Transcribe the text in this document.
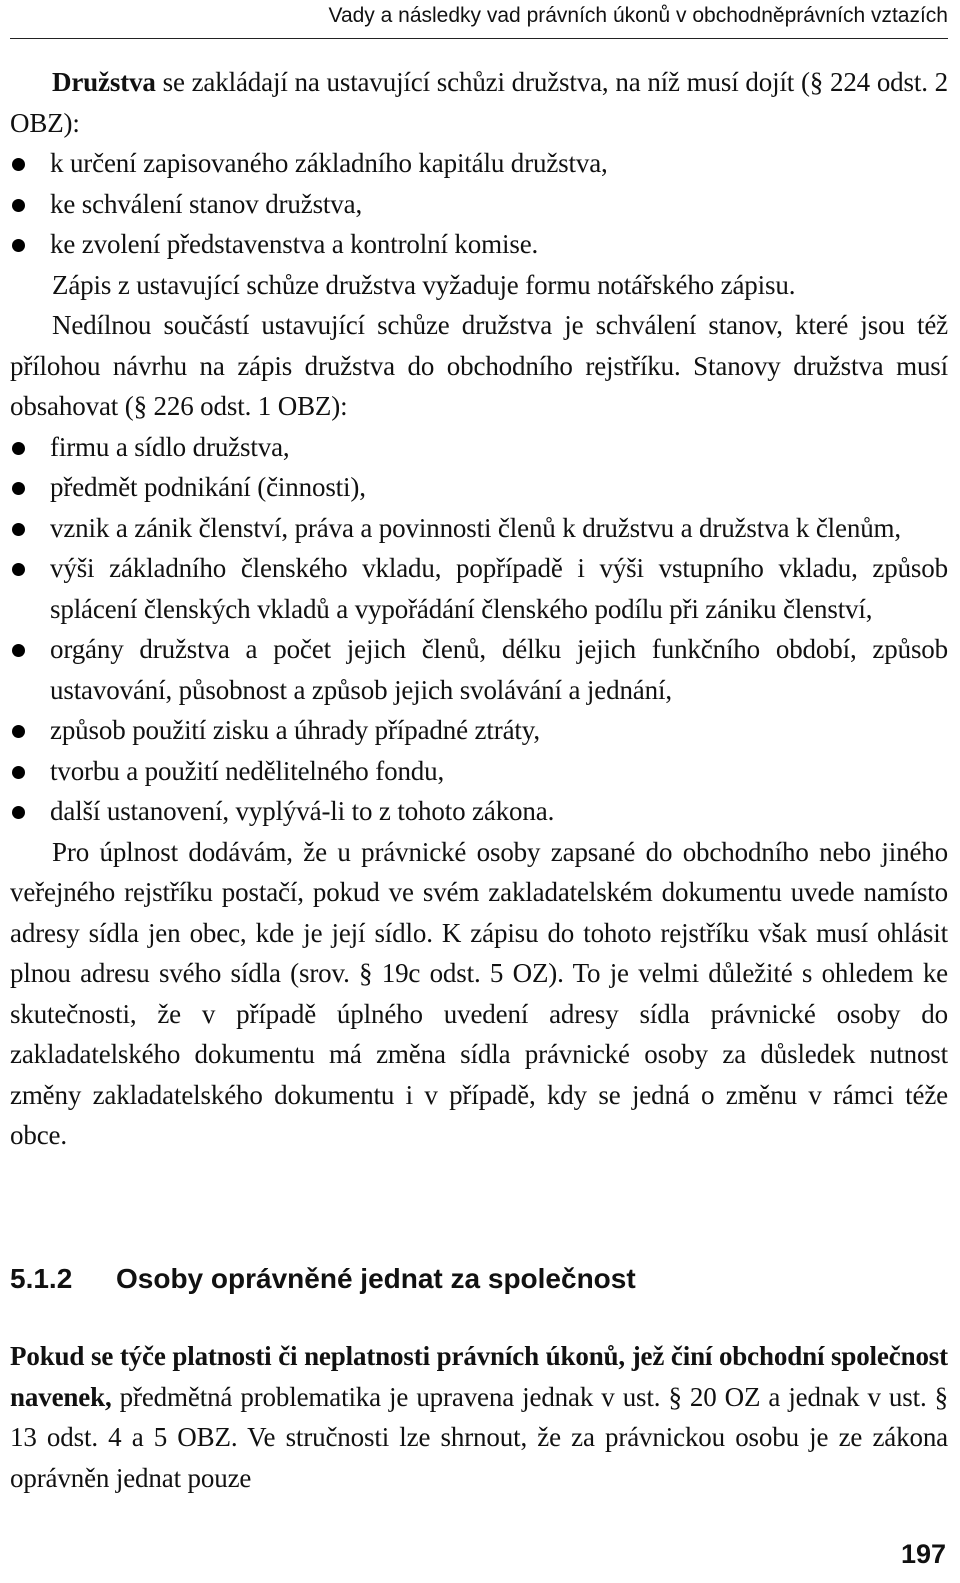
Vady a následky vad právních úkonů v obchodněprávních vztazích

Družstva se zakládají na ustavující schůzi družstva, na níž musí dojít (§ 224 odst. 2 OBZ):

k určení zapisovaného základního kapitálu družstva,
ke schválení stanov družstva,
ke zvolení představenstva a kontrolní komise.

Zápis z ustavující schůze družstva vyžaduje formu notářského zápisu.

Nedílnou součástí ustavující schůze družstva je schválení stanov, které jsou též přílohou návrhu na zápis družstva do obchodního rejstříku. Stanovy družstva musí obsahovat (§ 226 odst. 1 OBZ):

firmu a sídlo družstva,
předmět podnikání (činnosti),
vznik a zánik členství, práva a povinnosti členů k družstvu a družstva k členům,
výši základního členského vkladu, popřípadě i výši vstupního vkladu, způsob splácení členských vkladů a vypořádání členského podílu při zániku členství,
orgány družstva a počet jejich členů, délku jejich funkčního období, způsob ustavování, působnost a způsob jejich svolávání a jednání,
způsob použití zisku a úhrady případné ztráty,
tvorbu a použití nedělitelného fondu,
další ustanovení, vyplývá-li to z tohoto zákona.

Pro úplnost dodávám, že u právnické osoby zapsané do obchodního nebo jiného veřejného rejstříku postačí, pokud ve svém zakladatelském dokumentu uvede namísto adresy sídla jen obec, kde je její sídlo. K zápisu do tohoto rejstříku však musí ohlásit plnou adresu svého sídla (srov. § 19c odst. 5 OZ). To je velmi důležité s ohledem ke skutečnosti, že v případě úplného uvedení adresy sídla právnické osoby do zakladatelského dokumentu má změna sídla právnické osoby za důsledek nutnost změny zakladatelského dokumentu i v případě, kdy se jedná o změnu v rámci téže obce.

5.1.2 Osoby oprávněné jednat za společnost

Pokud se týče platnosti či neplatnosti právních úkonů, jež činí obchodní společnost navenek, předmětná problematika je upravena jednak v ust. § 20 OZ a jednak v ust. § 13 odst. 4 a 5 OBZ. Ve stručnosti lze shrnout, že za právnickou osobu je ze zákona oprávněn jednat pouze

197
